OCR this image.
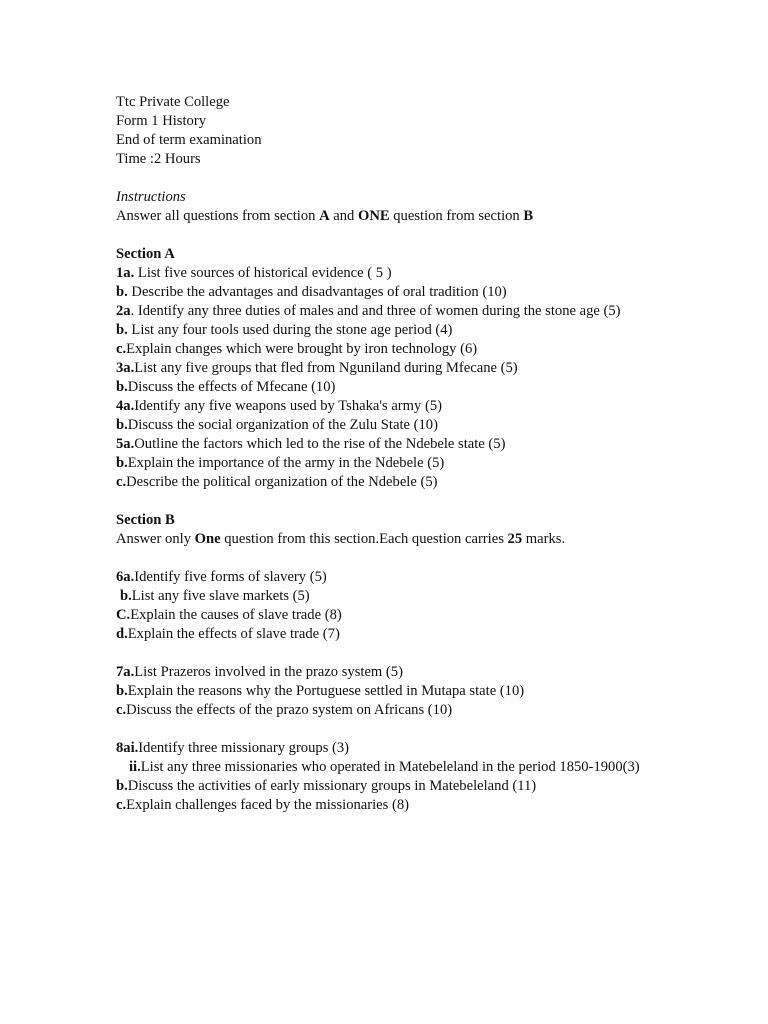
Ttc Private College
Form 1 History
End of term examination
Time :2 Hours
Instructions
Answer all questions from section A and ONE question from section B
Section A
1a. List five sources of historical evidence ( 5 )
b. Describe the advantages and disadvantages of oral tradition (10)
2a. Identify any three duties of males and and three of women during the stone age (5)
b. List any four tools used during the stone age period (4)
c.Explain changes which were brought by iron technology (6)
3a.List any five groups that fled from Nguniland during Mfecane (5)
b.Discuss the effects of Mfecane (10)
4a.Identify any five weapons used by Tshaka's army (5)
b.Discuss the social organization of the Zulu State (10)
5a.Outline the factors which led to the rise of the Ndebele state (5)
b.Explain the importance of the army in the Ndebele (5)
c.Describe the political organization of the Ndebele (5)
Section B
Answer only One question from this section.Each question carries 25 marks.
6a.Identify five forms of slavery (5)
b.List any five slave markets (5)
C.Explain the causes of slave trade (8)
d.Explain the effects of slave trade (7)
7a.List Prazeros involved in the prazo system (5)
b.Explain the reasons why the Portuguese settled in Mutapa state (10)
c.Discuss the effects of the prazo system on Africans (10)
8ai.Identify three missionary groups (3)
ii.List any three missionaries who operated in Matebeleland in the period 1850-1900(3)
b.Discuss the activities of early missionary groups in Matebeleland (11)
c.Explain challenges faced by the missionaries (8)
